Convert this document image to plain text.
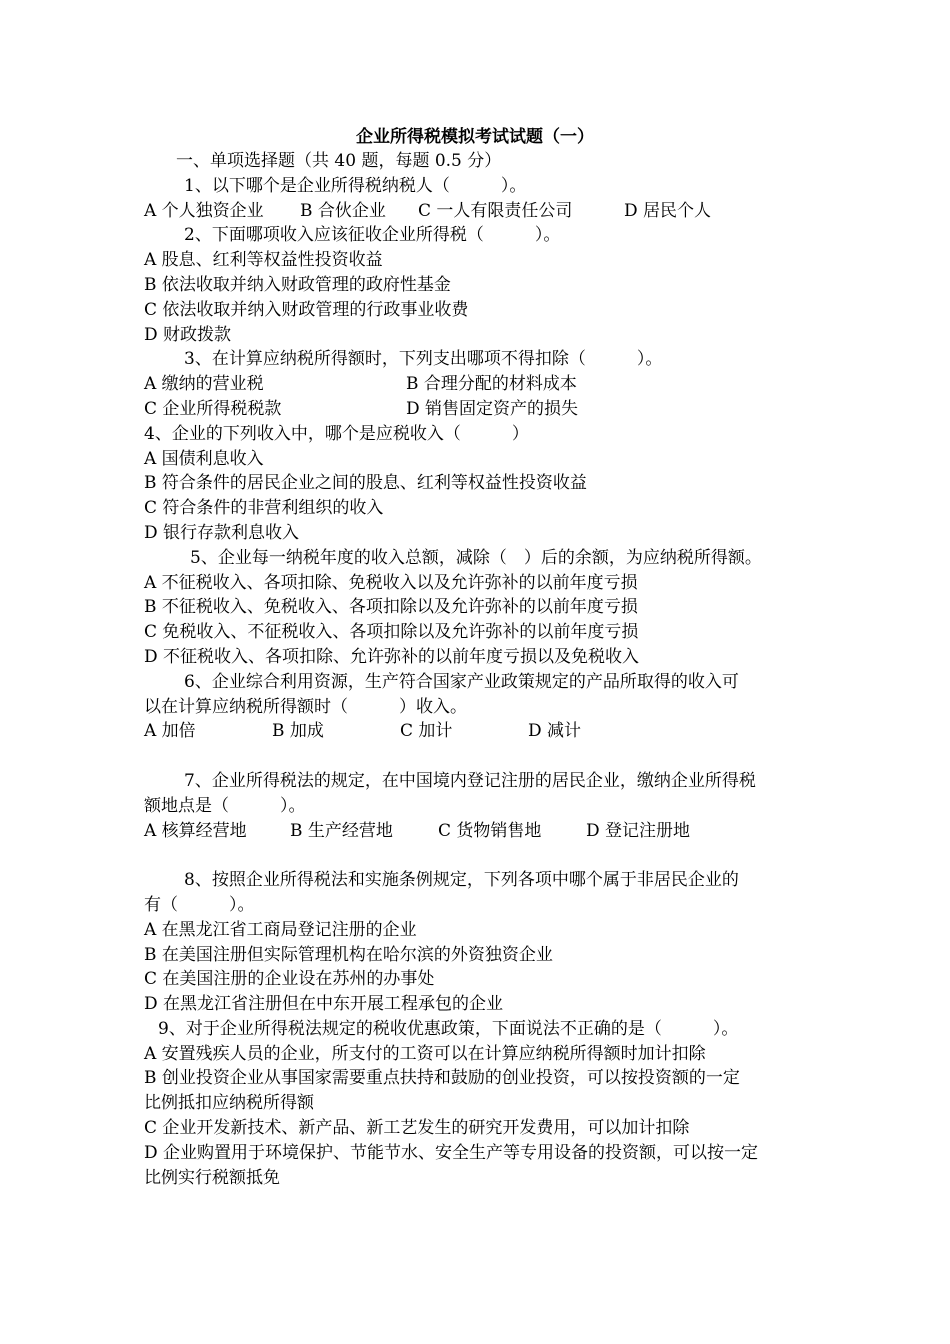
企业所得税模拟考试试题（一）
一、单项选择题（共 40 题，每题 0.5 分）
1、以下哪个是企业所得税纳税人（　　　）。
A 个人独资企业	B 合伙企业	C 一人有限责任公司	D 居民个人
2、下面哪项收入应该征收企业所得税（　　　）。
A 股息、红利等权益性投资收益
B 依法收取并纳入财政管理的政府性基金
C 依法收取并纳入财政管理的行政事业收费
D 财政拨款
3、在计算应纳税所得额时，下列支出哪项不得扣除（　　　）。
A 缴纳的营业税	B 合理分配的材料成本
C 企业所得税税款	D 销售固定资产的损失
4、企业的下列收入中，哪个是应税收入（　　　）
A 国债利息收入
B 符合条件的居民企业之间的股息、红利等权益性投资收益
C 符合条件的非营利组织的收入
D 银行存款利息收入
5、企业每一纳税年度的收入总额，减除（　）后的余额，为应纳税所得额。
A 不征税收入、各项扣除、免税收入以及允许弥补的以前年度亏损
B 不征税收入、免税收入、各项扣除以及允许弥补的以前年度亏损
C 免税收入、不征税收入、各项扣除以及允许弥补的以前年度亏损
D 不征税收入、各项扣除、允许弥补的以前年度亏损以及免税收入
6、企业综合利用资源，生产符合国家产业政策规定的产品所取得的收入可
以在计算应纳税所得额时（　　　）收入。
A 加倍	B 加成	C 加计	D 减计
7、企业所得税法的规定，在中国境内登记注册的居民企业，缴纳企业所得税
额地点是（　　　）。
A 核算经营地	B 生产经营地	C 货物销售地	D 登记注册地
8、按照企业所得税法和实施条例规定，下列各项中哪个属于非居民企业的
有（　　　）。
A 在黑龙江省工商局登记注册的企业
B 在美国注册但实际管理机构在哈尔滨的外资独资企业
C 在美国注册的企业设在苏州的办事处
D 在黑龙江省注册但在中东开展工程承包的企业
9、对于企业所得税法规定的税收优惠政策，下面说法不正确的是（　　　）。
A 安置残疾人员的企业，所支付的工资可以在计算应纳税所得额时加计扣除
B 创业投资企业从事国家需要重点扶持和鼓励的创业投资，可以按投资额的一定
比例抵扣应纳税所得额
C 企业开发新技术、新产品、新工艺发生的研究开发费用，可以加计扣除
D 企业购置用于环境保护、节能节水、安全生产等专用设备的投资额，可以按一定
比例实行税额抵免
